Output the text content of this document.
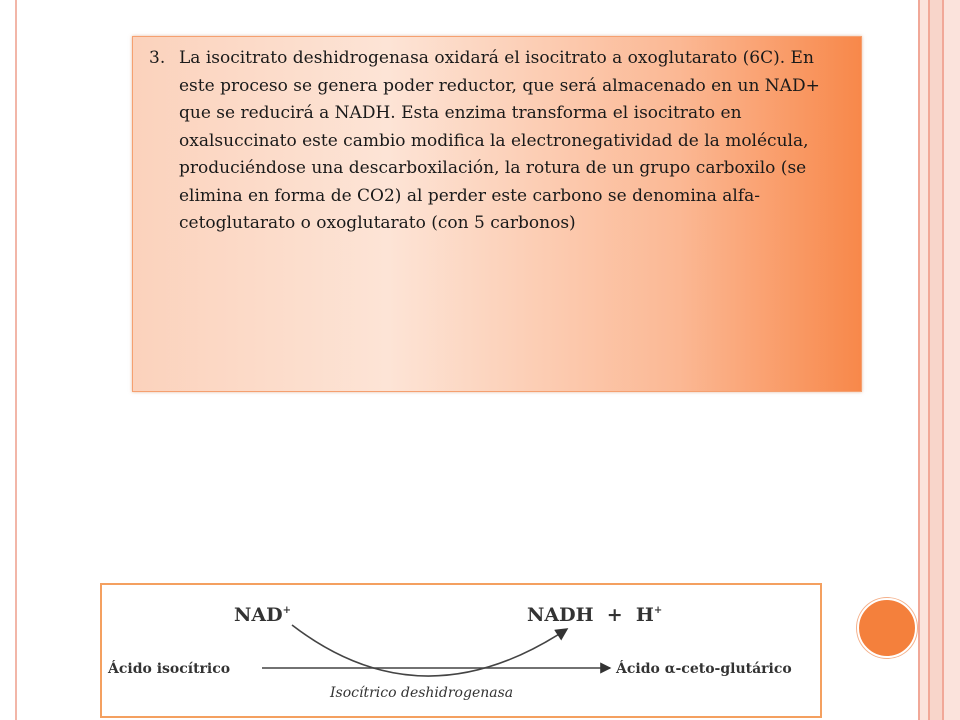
3. La isocitrato deshidrogenasa oxidará el isocitrato a oxoglutarato (6C). En este proceso se genera poder reductor, que será almacenado en un NAD+ que se reducirá a NADH. Esta enzima transforma el isocitrato en oxalsuccinato este cambio modifica la electronegatividad de la molécula, produciéndose una descarboxilación, la rotura de un grupo carboxilo (se elimina en forma de CO2) al perder este carbono se denomina alfa-cetoglutarato o oxoglutarato (con 5 carbonos)
NAD+	NADH  +  H+
Ácido isocítrico	Ácido α-ceto-glutárico
Isocítrico deshidrogenasa
